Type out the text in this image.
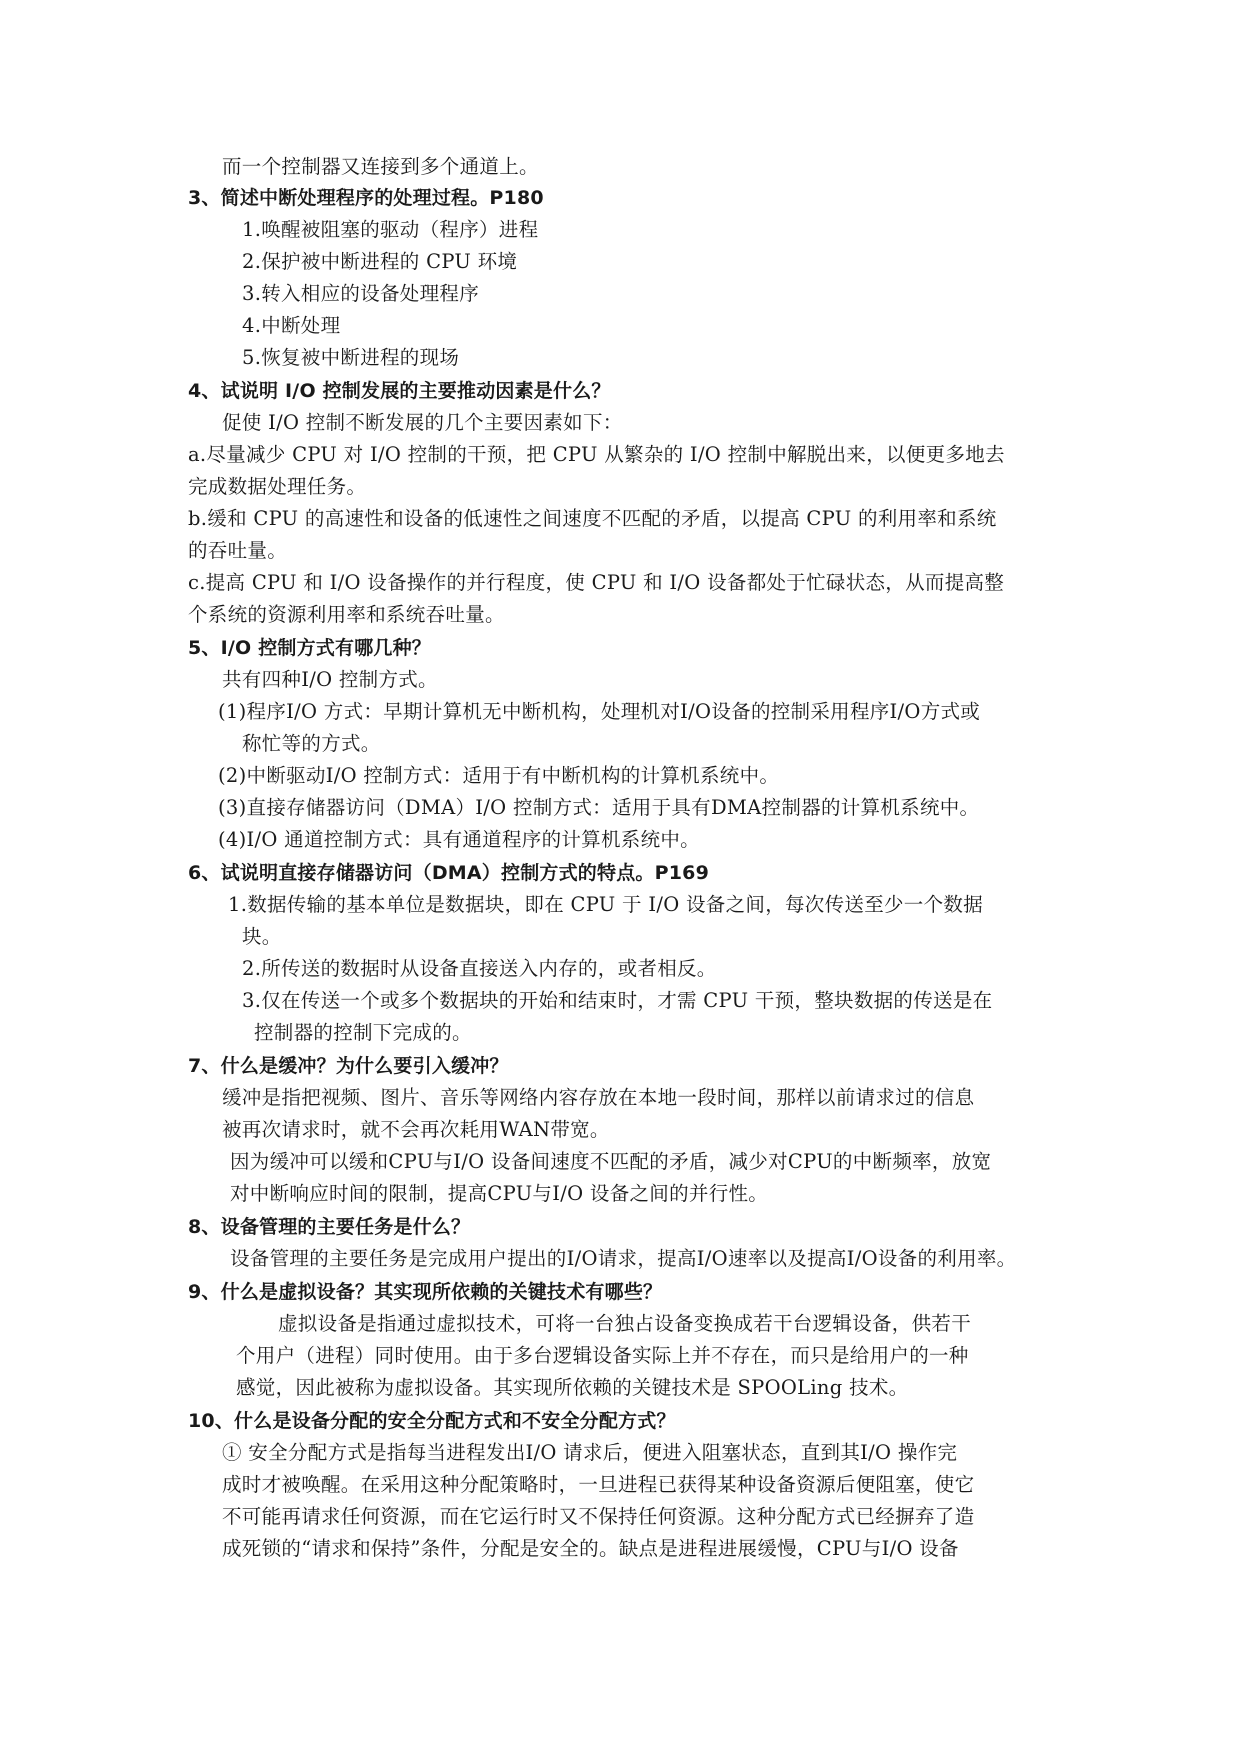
而一个控制器又连接到多个通道上。
3、简述中断处理程序的处理过程。P180
1.唤醒被阻塞的驱动（程序）进程
2.保护被中断进程的 CPU 环境
3.转入相应的设备处理程序
4.中断处理
5.恢复被中断进程的现场
4、试说明 I/O 控制发展的主要推动因素是什么？
促使 I/O 控制不断发展的几个主要因素如下：
a.尽量减少 CPU 对 I/O 控制的干预，把 CPU 从繁杂的 I/O 控制中解脱出来，以便更多地去
完成数据处理任务。
b.缓和 CPU 的高速性和设备的低速性之间速度不匹配的矛盾，以提高 CPU 的利用率和系统
的吞吐量。
c.提高 CPU 和 I/O 设备操作的并行程度，使 CPU 和 I/O 设备都处于忙碌状态，从而提高整
个系统的资源利用率和系统吞吐量。
5、I/O 控制方式有哪几种？
共有四种I/O 控制方式。
(1)程序I/O 方式：早期计算机无中断机构，处理机对I/O设备的控制采用程序I/O方式或
称忙等的方式。
(2)中断驱动I/O 控制方式：适用于有中断机构的计算机系统中。
(3)直接存储器访问（DMA）I/O 控制方式：适用于具有DMA控制器的计算机系统中。
(4)I/O 通道控制方式：具有通道程序的计算机系统中。
6、试说明直接存储器访问（DMA）控制方式的特点。P169
1.数据传输的基本单位是数据块，即在 CPU 于 I/O 设备之间，每次传送至少一个数据
块。
2.所传送的数据时从设备直接送入内存的，或者相反。
3.仅在传送一个或多个数据块的开始和结束时，才需 CPU 干预，整块数据的传送是在
控制器的控制下完成的。
7、什么是缓冲？为什么要引入缓冲？
缓冲是指把视频、图片、音乐等网络内容存放在本地一段时间，那样以前请求过的信息
被再次请求时，就不会再次耗用WAN带宽。
因为缓冲可以缓和CPU与I/O 设备间速度不匹配的矛盾，减少对CPU的中断频率，放宽
对中断响应时间的限制，提高CPU与I/O 设备之间的并行性。
8、设备管理的主要任务是什么？
设备管理的主要任务是完成用户提出的I/O请求，提高I/O速率以及提高I/O设备的利用率。
9、什么是虚拟设备？其实现所依赖的关键技术有哪些？
虚拟设备是指通过虚拟技术，可将一台独占设备变换成若干台逻辑设备，供若干
个用户（进程）同时使用。由于多台逻辑设备实际上并不存在，而只是给用户的一种
感觉，因此被称为虚拟设备。其实现所依赖的关键技术是 SPOOLing 技术。
10、什么是设备分配的安全分配方式和不安全分配方式？
① 安全分配方式是指每当进程发出I/O 请求后，便进入阻塞状态，直到其I/O 操作完
成时才被唤醒。在采用这种分配策略时，一旦进程已获得某种设备资源后便阻塞，使它
不可能再请求任何资源，而在它运行时又不保持任何资源。这种分配方式已经摒弃了造
成死锁的“请求和保持”条件，分配是安全的。缺点是进程进展缓慢，CPU与I/O 设备
